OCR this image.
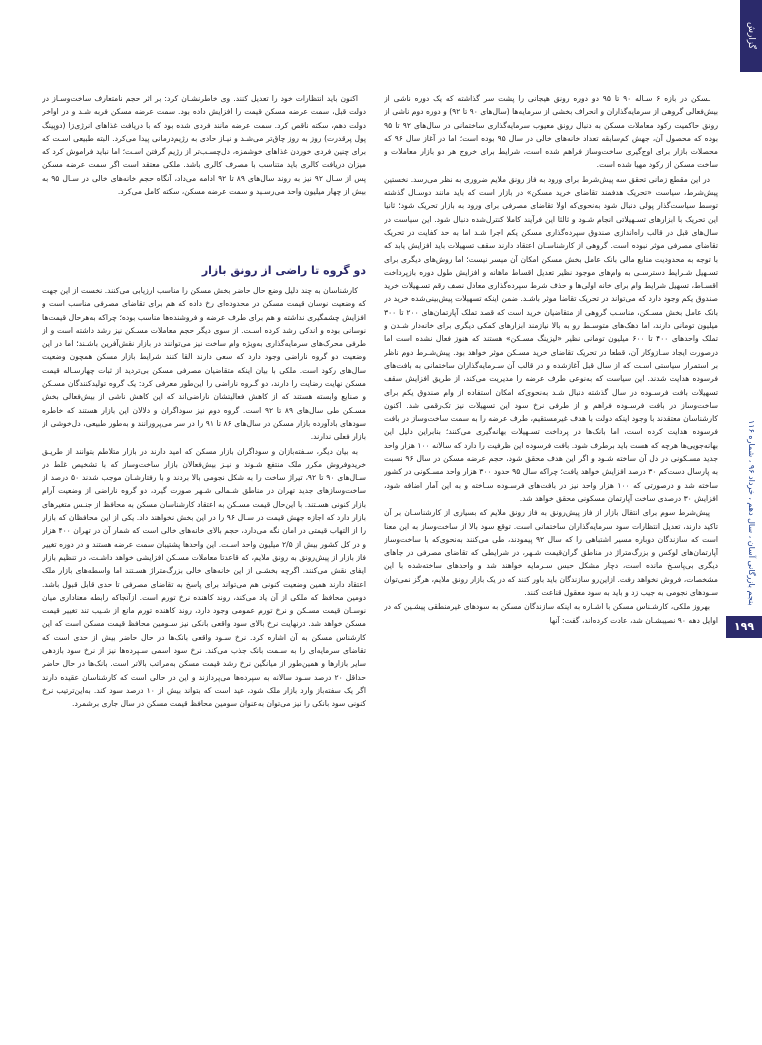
گزارش
بنجم بازرگانی آسان ، سال دهم ، خرداد ۹۶ ، شماره ۱۱۶
۱۹۹

ـسکن در بازه ۶ سـاله ۹۰ تا ۹۵ دو دوره رونق هیجانی را پشت سر گذاشته که یک دوره ناشی از بیش‌فعالی گروهی از سرمایه‌گذاران و انحراف بخشی از سرمایه‌ها (سال‌های ۹۰ تا ۹۲) و دوره دوم ناشی از رونق حاکمیت رکود معاملات مسکن به دنبال رونق معیوب سرمایه‌گذاری ساختمانی در سال‌های ۹۲ تا ۹۵ بوده که محصول آن، جهش کم‌سابقه تعداد خانه‌های خالی در سال ۹۵ بوده است؛ اما در آغاز سال ۹۶ که محصلات بازار برای اوج‌گیری ساخت‌وساز فراهم شده است، شرایط برای خروج هر دو بازار معاملات و ساخت مسکن از رکود مهیا شده است.

در این مقطع زمانی تحقق سه پیش‌شرط برای ورود به فاز رونق ملایم ضروری به نظر می‌رسد. نخستین پیش‌شرط، سیاست «تحریک هدفمند تقاضای خرید مسکن» در بازار است که باید مانند دوسـال گذشته توسط سیاست‌گذار پولی دنبال شود به‌نحوی‌که اولا تقاضای مصرفی برای ورود به بازار تحریک شود؛ ثانیا این تحریک با ابزارهای تسـهیلاتی انجام شـود و ثالثا این فرآیند کاملا کنترل‌شده دنبال شود. این سیاست در سال‌های قبل در قالب راه‌اندازی صندوق سپرده‌گذاری مسکن یکم اجرا شـد اما به حد کفایت در تحریک تقاضای مصرفی موثر نبوده است. گروهی از کارشناسـان اعتقاد دارند سقف تسهیلات باید افزایش یابد که با توجه به محدودیت منابع مالی بانک عامل بخش مسکن امکان آن میسر نیست؛ اما روش‌های دیگری برای تسـهیل شـرایط دسترسـی به وام‌های موجود نظیر تعدیل اقساط ماهانه و افزایش طول دوره بازپرداخت اقسـاط، تسهیل شرایط وام برای خانه اولی‌ها و حذف شرط سپرده‌گذاری معادل نصف رقم تسـهیلات خرید صندوق یکم وجود دارد که می‌تواند در تحریک تقاضا موثر باشـد. ضمن اینکه تسهیلات پیش‌بینی‌شده خرید در بانک عامل بخش مسـکن، مناسـب گروهی از متقاضیان خرید است که قصد تملک آپارتمان‌های ۲۰۰ تا ۳۰۰ میلیون تومانی دارند، اما دهک‌های متوسـط رو به بالا نیازمند ابزارهای کمکی دیگری برای خانه‌دار شـدن و تملک واحدهای ۴۰۰ تا ۶۰۰ میلیون تومانی نظیر «لیزینگ مسـکن» هستند که هنوز فعال نشده است اما درصورت ایجاد سـازوکار آن، قطعا در تحریک تقاضای خرید مسـکن موثر خواهد بود. پیش‌شـرط دوم ناظر بر استمرار سیاستی اسـت که از سال قبل آغازشده و در قالب آن سـرمایه‌گذاران ساختمانی به بافت‌های فرسوده هدایت شدند. این سیاست که به‌نوعی طرف عرضه را مدیریت می‌کند، از طریق افزایش سقف تسهیلات بافت فرسـوده در سال گذشته دنبال شـد به‌نحوی‌که امکان استفاده از وام صندوق یکم برای ساخت‌وساز در بافت فرسـوده فراهم و از طرفی نرخ سود این تسهیلات نیز تک‌رقمی شد. اکنون کارشناسان معتقدند با وجود اینکه دولت با هدف غیرمستقیم، طرف عرضه را به سمت ساخت‌وساز در بافت فرسوده هدایت کرده است، اما بانک‌ها در پرداخت تسـهیلات بهانه‌گیری می‌کنند؛ بنابراین دلیل این بهانه‌جویی‌ها هرچه که هست باید برطرف شود. بافت فرسوده این ظرفیت را دارد که سالانه ۱۰۰ هزار واحد جدید مسـکونی در دل آن ساخته شـود و اگر این هدف محقق شود، حجم عرضه مسکن در سال ۹۶ نسبت به پارسال دست‌کم ۳۰ درصد افزایش خواهد یافت؛ چراکه سال ۹۵ حدود ۳۰۰ هزار واحد مسـکونی در کشور ساخته شد و درصورتی که ۱۰۰ هزار واحد نیز در بافت‌های فرسـوده سـاخته و به این آمار اضافه شود، افزایش ۳۰ درصدی ساخت آپارتمان مسکونی محقق خواهد شد.

پیش‌شرط سوم برای انتقال بازار از فاز پیش‌رونق به فاز رونق ملایم که بسیاری از کارشناسـان بر آن تاکید دارند، تعدیل انتظارات سود سرمایه‌گذاران ساختمانی است. توقع سود بالا از ساخت‌وساز به این معنا است که سازندگان دوباره مسیر اشتباهی را که سال ۹۲ پیمودند، طی می‌کنند به‌نحوی‌که با ساخت‌وساز آپارتمان‌های لوکس و بزرگ‌متراژ در مناطق گران‌قیمت شـهر، در شرایطی که تقاضای مصرفی در جاهای دیگری بی‌پاسـخ مانده است، دچار مشکل حبس سـرمایه خواهند شد و واحدهای ساخته‌شده با این مشخصات، فروش نخواهد رفت. ازاین‌رو سازندگان باید باور کنند که در یک بازار رونق ملایم، هرگز نمی‌توان سـودهای نجومی به جیب زد و باید به سود معقول قناعت کنند.

بهروز ملکی، کارشـناس مسکن با اشـاره به اینکه سازندگان مسکن به سودهای غیرمنطقی پیشـین که در اوایل دهه ۹۰ نصیبشـان شد، عادت کرده‌اند، گفت: آنها

اکنون باید انتظارات خود را تعدیل کنند. وی خاطرنشـان کرد: بر اثر حجم نامتعارف ساخت‌وسـاز در دولت قبل، سمت عرضه مسکن قیمت را افزایش داده بود. سمت عرضه مسکن فربه شـد و در اواخر دولت دهم، سکته ناقص کرد. سمت عرضه مانند فردی شده بود که با دریافت غذاهای انرژی‌زا (دوپینگ پول پرقدرت) روز به روز چاق‌تر می‌شـد و نیـاز حادی به رژیم‌درمانی پیدا می‌کرد. البته طبیعی اسـت که برای چنین فردی خوردن غذاهای خوشمزه، دل‌چسـب‌تر از رژیم گرفتن اسـت؛ اما نباید فراموش کرد که میزان دریافت کالری باید متناسب با مصرف کالری باشد. ملکی معتقد است اگر سمت عرضه مسکن پس از سـال ۹۲ نیز به روند سال‌های ۸۹ تا ۹۲ ادامه می‌داد، آنگاه حجم خانه‌های خالی در سـال ۹۵ به بیش از چهار میلیون واحد می‌رسـید و سمت عرضه مسکن، سکته کامل می‌کرد.

دو گروه تا راضی از رونق بازار

کارشناسان به چند دلیل وضع حال حاضر بخش مسکن را مناسب ارزیابی می‌کنند. نخست از این جهت که وضعیت نوسان قیمت مسکن در محدوده‌ای رخ داده که هم برای تقاضای مصرفی مناسب است و افزایش چشمگیری نداشته و هم برای طرف عرضه و فروشنده‌ها مناسب بوده؛ چراکه به‌هرحال قیمت‌ها نوسانی بوده و اندکی رشد کرده اسـت. از سوی دیگر حجم معاملات مسـکن نیز رشد داشته است و از طرفی محرک‌های سرمایه‌گذاری به‌ویژه وام ساخت نیز می‌توانند در بازار نقش‌آفرین باشـند؛ اما در این وضعیت دو گروه ناراضی وجود دارد که سعی دارند القا کنند شرایط بازار مسکن همچون وضعیت سال‌های رکود است. ملکی با بیان اینکه متقاضیان مصرفی مسکن بی‌تردید از ثبات چهارسـاله قیمت مسکن نهایت رضایت را دارند، دو گـروه ناراضی را این‌طور معرفی کرد: یک گروه تولیدکنندگان مسـکن و صنایع وابسته هستند که از کاهش فعالیتشان ناراضی‌اند که این کاهش ناشی از بیش‌فعالی بخش مسـکن طی سال‌های ۸۹ تا ۹۲ است. گروه دوم نیز سوداگران و دلالان این بازار هستند که خاطره سودهای بادآورده بازار مسکن در سال‌های ۸۶ تا ۹۱ را در سر می‌پرورانند و به‌طور طبیعی، دل‌خوشی از بازار فعلی ندارند.

به بیان دیگر، سـفته‌بازان و سوداگران بازار مسکن که امید دارند در بازار متلاطم بتوانند از طریـق خریدوفروش مکرر ملک منتفع شـوند و نیـز بیش‌فعالان بازار ساخت‌وساز که با تشخیص غلط در سـال‌های ۹۰ تا ۹۲، تیراژ ساخت را به شکل نجومی بالا بردند و با رفتارشـان موجب شدند ۵۰ درصد از ساخت‌وسازهای جدید تهران در مناطق شـمالی شـهر صورت گیرد، دو گروه ناراضی از وضعیت آرام بازار کنونی هسـتند. با این‌حال قیمت مسـکن به اعتقاد کارشناسان مسکن به محافظ از جنـس متغیرهای بازار دارد که اجازه جهش قیمت در سـال ۹۶ را در این بخش نخواهند داد. یکی از این محافظان که بازار را از التهاب قیمتی در امان نگه می‌دارد، حجم بالای خانه‌های خالی است که شمار آن در تهران ۴۰۰ هزار و در کل کشور بیش از ۲/۵ میلیون واحد اسـت. این واحدها پشتیبان سمت عرضه هستند و در دوره تغییر فاز بازار از پیش‌رونق به رونق ملایم، که قاعدتا معاملات مسـکن افزایشی خواهد داشـت، در تنظیم بازار ایفای نقش می‌کنند. اگرچه بخشـی از این خانه‌های خالی بزرگ‌متراژ هسـتند اما واسطه‌های بازار ملک اعتقاد دارند همین وضعیت کنونی هم می‌تواند برای پاسخ به تقاضای مصرفی تا حدی قابل قبول باشد. دومین محافظ که ملکی از آن یاد می‌کند، روند کاهنده نرخ تورم است. ازآنجاکه رابطه معناداری میان نوسـان قیمت مسـکن و نرخ تورم عمومی وجود دارد، روند کاهنده تورم مانع از شـیب تند تغییر قیمت مسکن خواهد شد. درنهایت نرخ بالای سود واقعی بانکی نیز سـومین محافظ قیمت مسکن است که این کارشناس مسکن به آن اشاره کرد. نرخ سـود واقعی بانک‌ها در حال حاضر بیش از حدی است که تقاضای سرمایه‌ای را به سـمت بانک جذب می‌کند. نرخ سود اسمی سـپرده‌ها نیز از نرخ سود بازدهی سایر بازارها و همین‌طور از میانگین نرخ رشد قیمت مسکن به‌مراتب بالاتر است. بانک‌ها در حال حاضر حداقل ۲۰ درصد سـود سالانه به سپرده‌ها می‌پردازند و این در حالی است که کارشناسان عقیده دارند اگر یک سفته‌باز وارد بازار ملک شود، عید است که بتواند بیش از ۱۰ درصد سود کند. به‌این‌ترتیب نرخ کنونی سود بانکی را نیز می‌توان به‌عنوان سومین محافظ قیمت مسکن در سال جاری برشمرد.
